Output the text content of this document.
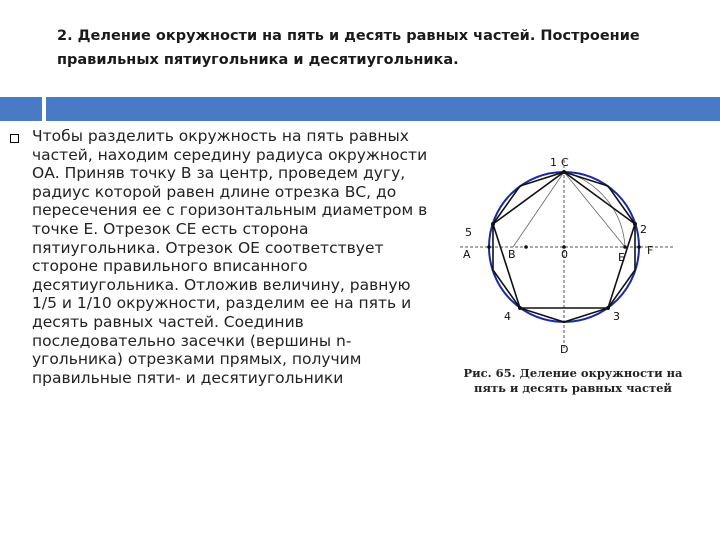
2. Деление окружности на пять и десять равных частей. Построение правильных пятиугольника и десятиугольника.
Чтобы разделить окружность на пять равных частей, находим середину радиуса окружности ОА. Приняв точку В за центр, проведем дугу, радиус которой равен длине отрезка ВС, до пересечения ее с горизонтальным диаметром в точке Е. Отрезок СЕ есть сторона пятиугольника. Отрезок ОЕ соответствует стороне правильного вписанного десятиугольника. Отложив величину, равную 1/5 и 1/10 окружности, разделим ее на пять и десять равных частей. Соединив последовательно засечки (вершины n-угольника) отрезками прямых, получим правильные пяти- и десятиугольники
1 C
2
F
E
0
B
A
5
4	3
D
Рис. 65. Деление окружности на
пять и десять равных частей
